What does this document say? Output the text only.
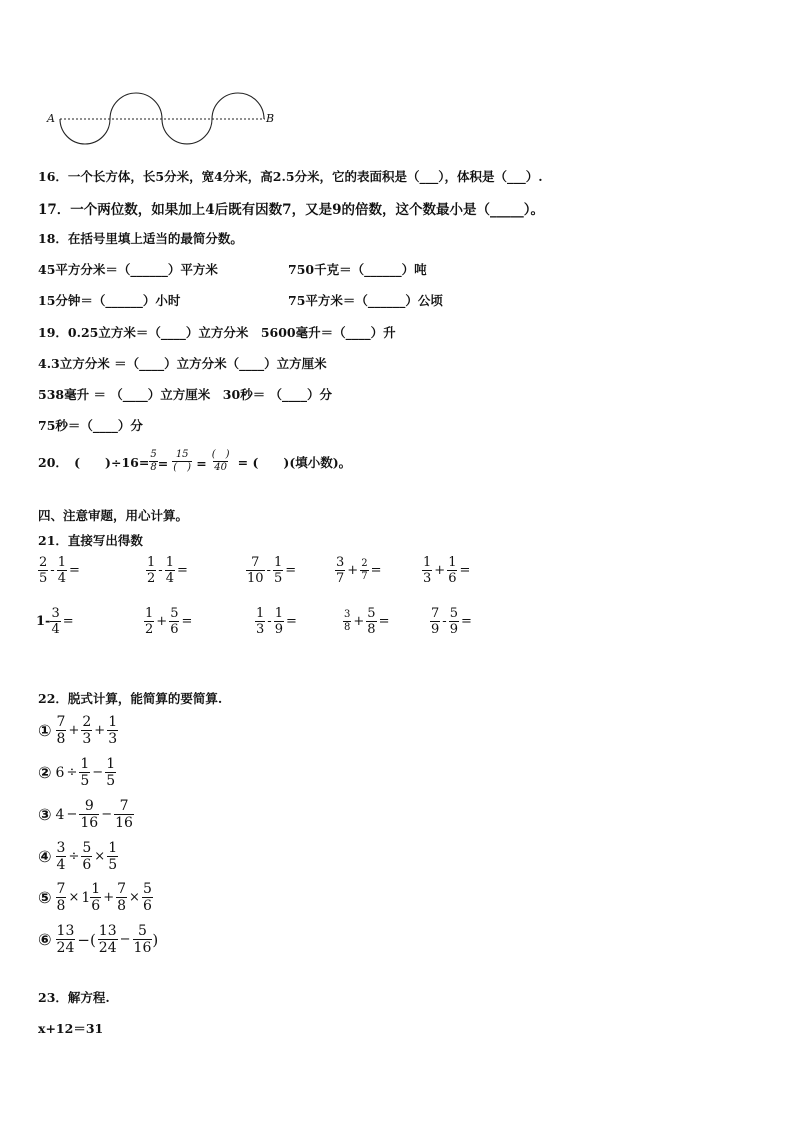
A	B
16．一个长方体，长5分米，宽4分米，高2.5分米，它的表面积是（___），体积是（___）.
17．一个两位数，如果加上4后既有因数7，又是9的倍数，这个数最小是（_____）。
18．在括号里填上适当的最简分数。
45平方分米＝（______）平方米	750千克＝（______）吨
15分钟＝（______）小时	75平方米＝（______）公顷
19．0.25立方米＝（____）立方分米　5600毫升＝（____）升
4.3立方分米 ＝（____）立方分米（____）立方厘米
538毫升 ＝ （____）立方厘米　30秒＝ （____）分
75秒＝（____）分
20．　(　　)$\div 16= \frac{5}{8} = \frac{15}{( )} = \frac{( )}{40}$ = (　　)(填小数)。
四、注意审题，用心计算。
21．直接写出得数
$\frac{2}{5} - \frac{1}{4}$ =	$\frac{1}{2} - \frac{1}{4}$ =	$\frac{7}{10} - \frac{1}{5}$ =	$\frac{3}{7} + \frac{2}{7}$ =	$\frac{1}{3} + \frac{1}{6}$ =
$1- \frac{3}{4}$ =	$\frac{1}{2} + \frac{5}{6}$ =	$\frac{1}{3} - \frac{1}{9}$ =	$\frac{3}{8} + \frac{5}{8}$ =	$\frac{7}{9} - \frac{5}{9}$ =
22．脱式计算，能简算的要简算.
① $\frac{7}{8} + \frac{2}{3} + \frac{1}{3}$
② $6 \div \frac{1}{5} - \frac{1}{5}$
③ $4 - \frac{9}{16} - \frac{7}{16}$
④ $\frac{3}{4} \div \frac{5}{6} \times \frac{1}{5}$
⑤ $\frac{7}{8} \times 1 \frac{1}{6} + \frac{7}{8} \times \frac{5}{6}$
⑥ $\frac{13}{24}$ −( $\frac{13}{24} - \frac{5}{16}$ )
23．解方程.
x+12＝31
